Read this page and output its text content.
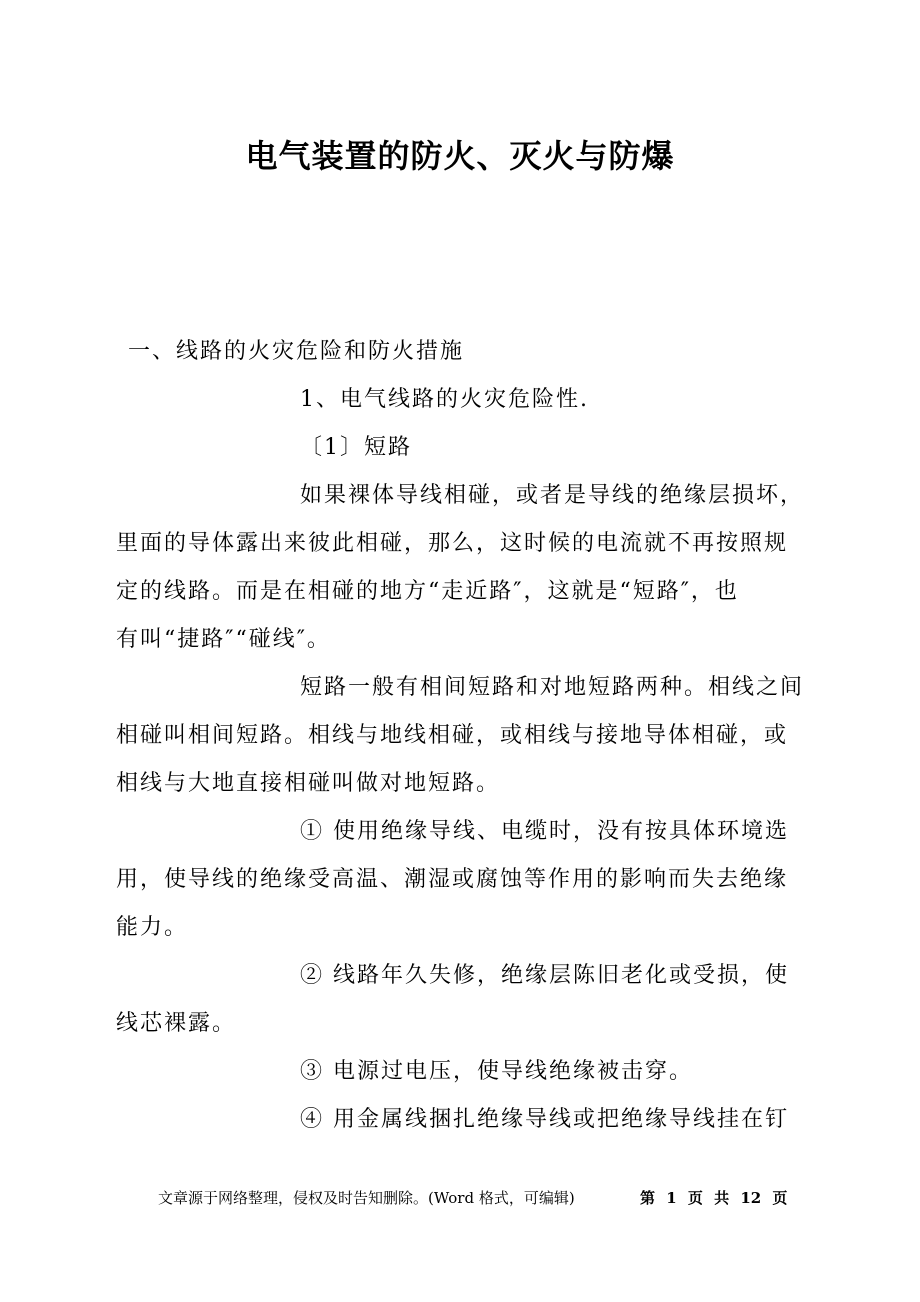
电气装置的防火、灭火与防爆
一、线路的火灾危险和防火措施
1、电气线路的火灾危险性.
〔1〕短路
如果裸体导线相碰，或者是导线的绝缘层损坏，
里面的导体露出来彼此相碰，那么，这时候的电流就不再按照规
定的线路。而是在相碰的地方“走近路″，这就是“短路″，也
有叫“捷路″“碰线″。
短路一般有相间短路和对地短路两种。相线之间
相碰叫相间短路。相线与地线相碰，或相线与接地导体相碰，或
相线与大地直接相碰叫做对地短路。
① 使用绝缘导线、电缆时，没有按具体环境选
用，使导线的绝缘受高温、潮湿或腐蚀等作用的影响而失去绝缘
能力。
② 线路年久失修，绝缘层陈旧老化或受损，使
线芯裸露。
③ 电源过电压，使导线绝缘被击穿。
④ 用金属线捆扎绝缘导线或把绝缘导线挂在钉
文章源于网络整理，侵权及时告知删除。(Word 格式，可编辑)	第 1 页 共 12 页
